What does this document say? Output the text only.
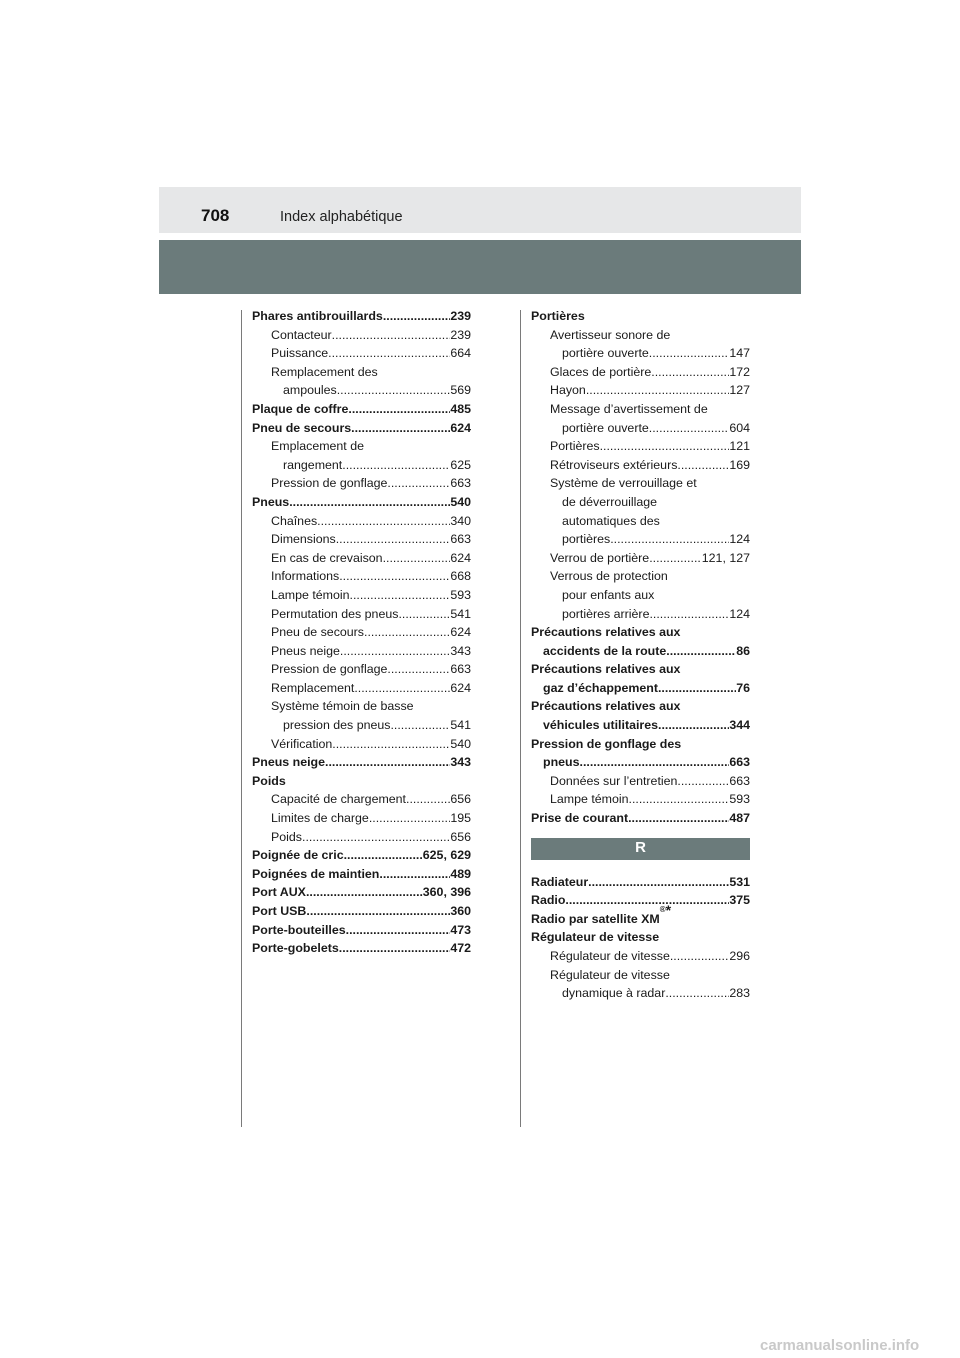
708	Index alphabétique
Phares antibrouillards .....	239
Contacteur .....	239
Puissance .....	664
Remplacement des
ampoules .....	569
Plaque de coffre .....	485
Pneu de secours .....	624
Emplacement de
rangement .....	625
Pression de gonflage .....	663
Pneus .....	540
Chaînes .....	340
Dimensions .....	663
En cas de crevaison .....	624
Informations .....	668
Lampe témoin .....	593
Permutation des pneus .....	541
Pneu de secours .....	624
Pneus neige .....	343
Pression de gonflage .....	663
Remplacement .....	624
Système témoin de basse
pression des pneus .....	541
Vérification .....	540
Pneus neige .....	343
Poids
Capacité de chargement .....	656
Limites de charge .....	195
Poids .....	656
Poignée de cric .....	625, 629
Poignées de maintien .....	489
Port AUX .....	360, 396
Port USB .....	360
Porte-bouteilles .....	473
Porte-gobelets .....	472
Portières
Avertisseur sonore de
portière ouverte .....	147
Glaces de portière .....	172
Hayon .....	127
Message d’avertissement de
portière ouverte .....	604
Portières .....	121
Rétroviseurs extérieurs .....	169
Système de verrouillage et
de déverrouillage
automatiques des
portières .....	124
Verrou de portière .....	121, 127
Verrous de protection
pour enfants aux
portières arrière .....	124
Précautions relatives aux
accidents de la route .....	86
Précautions relatives aux
gaz d’échappement .....	76
Précautions relatives aux
véhicules utilitaires .....	344
Pression de gonflage des
pneus .....	663
Données sur l’entretien .....	663
Lampe témoin .....	593
Prise de courant .....	487
R
Radiateur .....	531
Radio .....	375
Radio par satellite XM
® *
Régulateur de vitesse
Régulateur de vitesse .....	296
Régulateur de vitesse
dynamique à radar .....	283
carmanualsonline.info
